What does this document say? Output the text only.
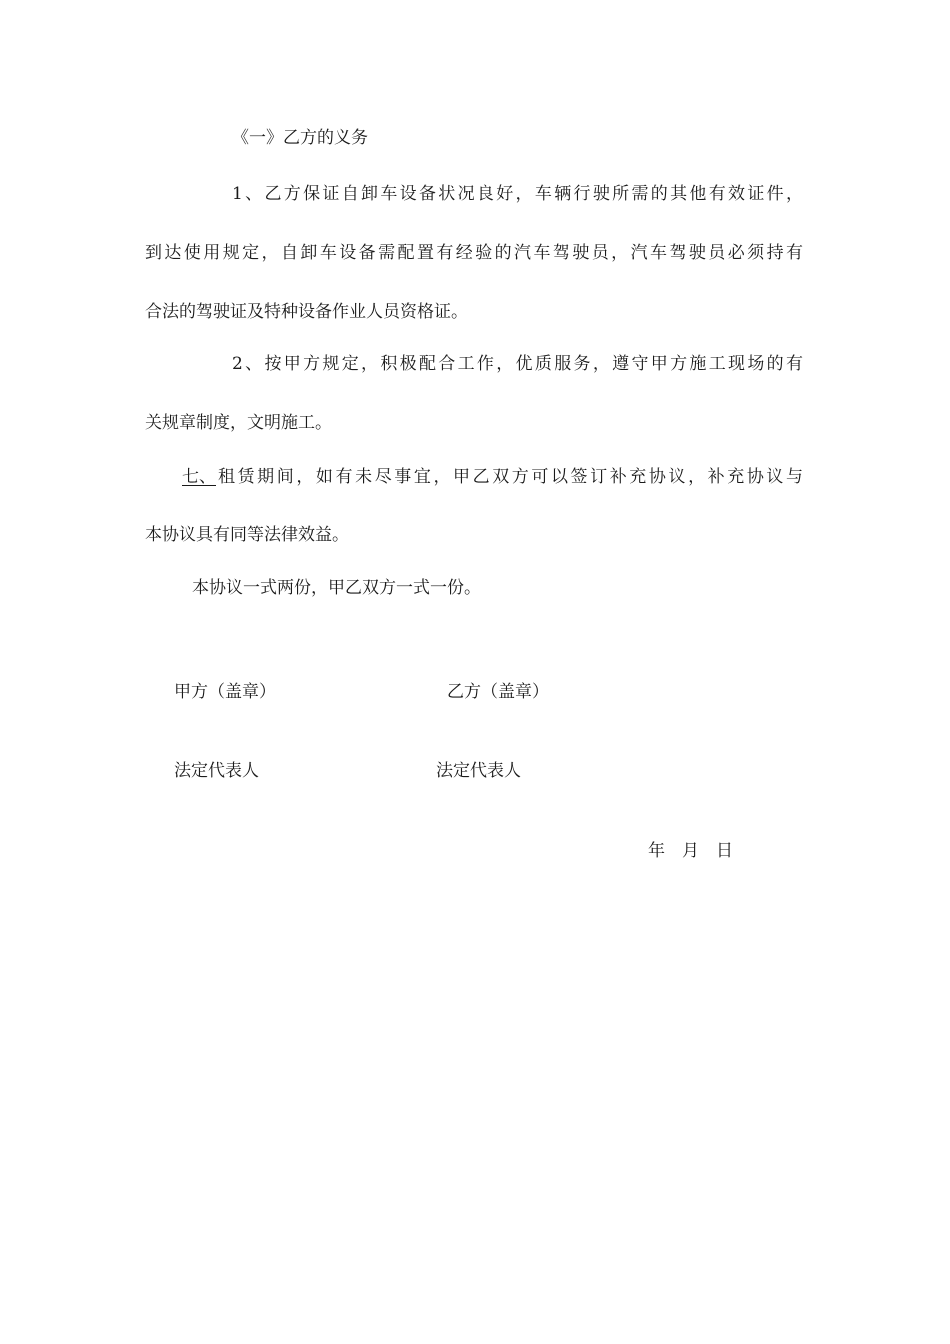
《一》乙方的义务
1、乙方保证自卸车设备状况良好，车辆行驶所需的其他有效证件，
到达使用规定，自卸车设备需配置有经验的汽车驾驶员，汽车驾驶员必须持有
合法的驾驶证及特种设备作业人员资格证。
2、按甲方规定，积极配合工作，优质服务，遵守甲方施工现场的有
关规章制度，文明施工。
七、 租赁期间，如有未尽事宜，甲乙双方可以签订补充协议，补充协议与
本协议具有同等法律效益。
本协议一式两份，甲乙双方一式一份。
甲方（盖章）	乙方（盖章）
法定代表人	法定代表人
年　月　日
